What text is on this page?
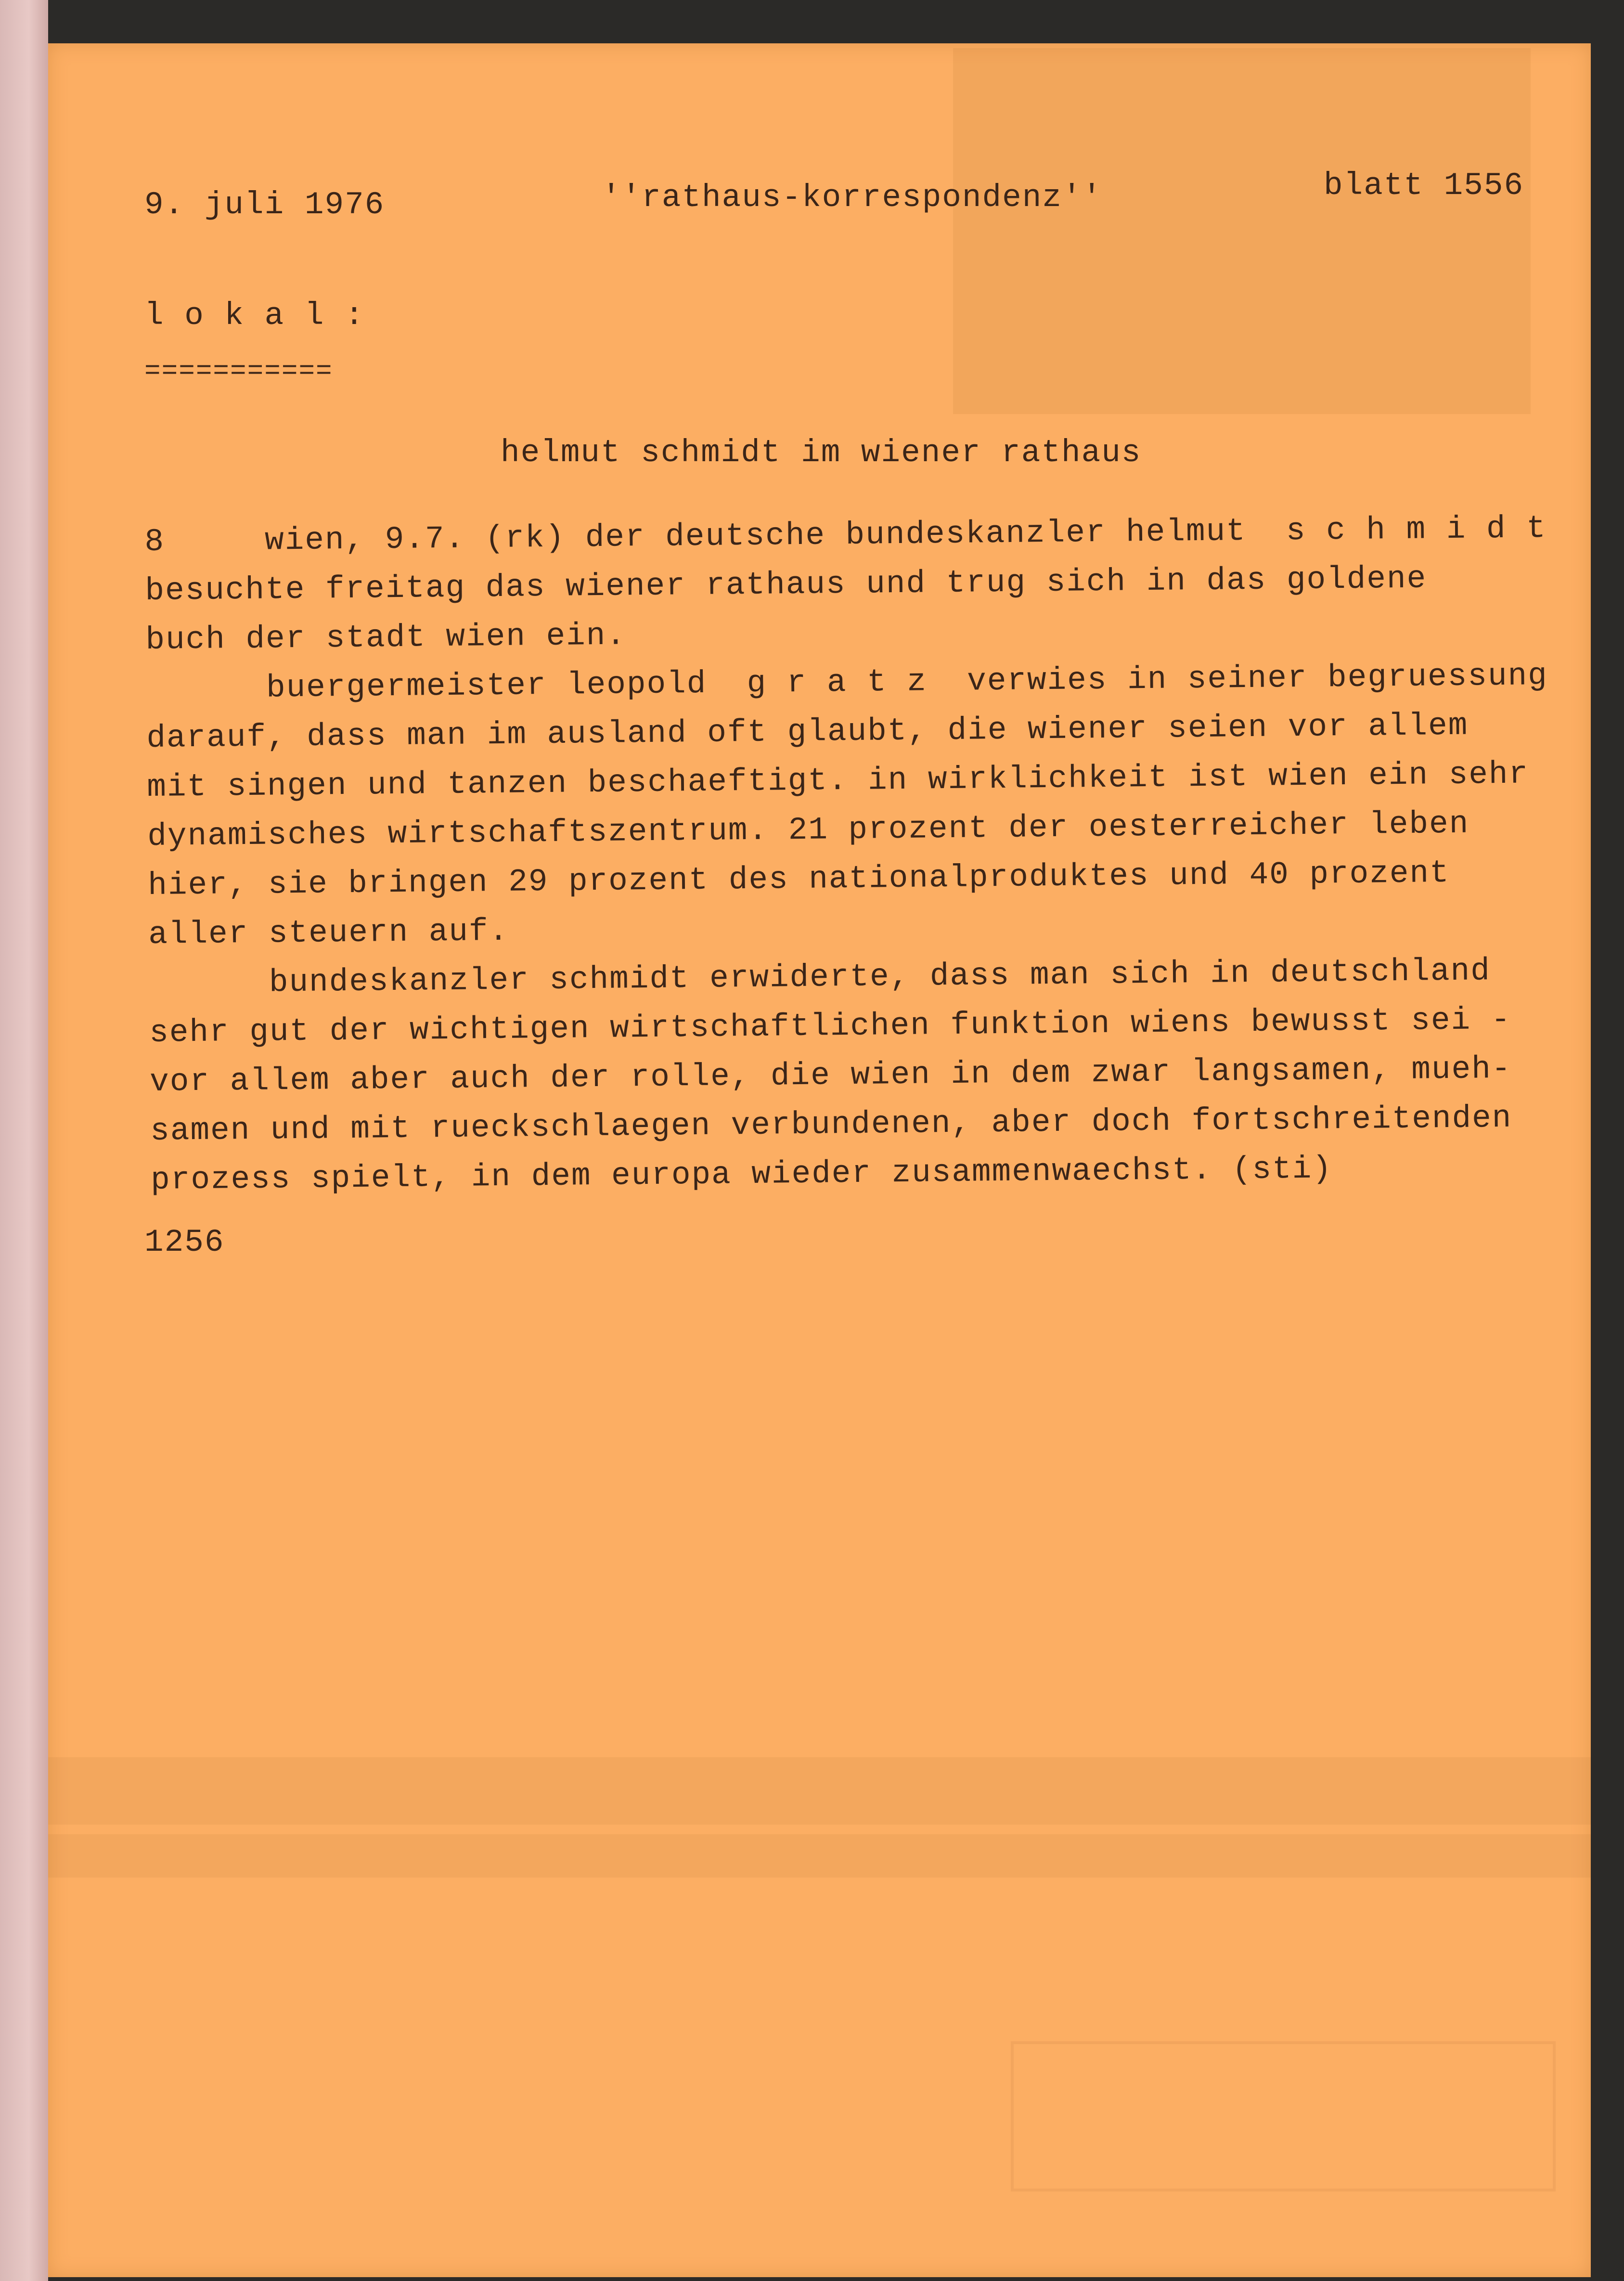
9. juli 1976	''rathaus-korrespondenz''	blatt 1556
l o k a l :
===========
helmut schmidt im wiener rathaus
8     wien, 9.7. (rk) der deutsche bundeskanzler helmut  s c h m i d t
besuchte freitag das wiener rathaus und trug sich in das goldene
buch der stadt wien ein.
buergermeister leopold  g r a t z  verwies in seiner begruessung
darauf, dass man im ausland oft glaubt, die wiener seien vor allem
mit singen und tanzen beschaeftigt. in wirklichkeit ist wien ein sehr
dynamisches wirtschaftszentrum. 21 prozent der oesterreicher leben
hier, sie bringen 29 prozent des nationalproduktes und 40 prozent
aller steuern auf.
bundeskanzler schmidt erwiderte, dass man sich in deutschland
sehr gut der wichtigen wirtschaftlichen funktion wiens bewusst sei -
vor allem aber auch der rolle, die wien in dem zwar langsamen, mueh-
samen und mit rueckschlaegen verbundenen, aber doch fortschreitenden
prozess spielt, in dem europa wieder zusammenwaechst. (sti)
1256
